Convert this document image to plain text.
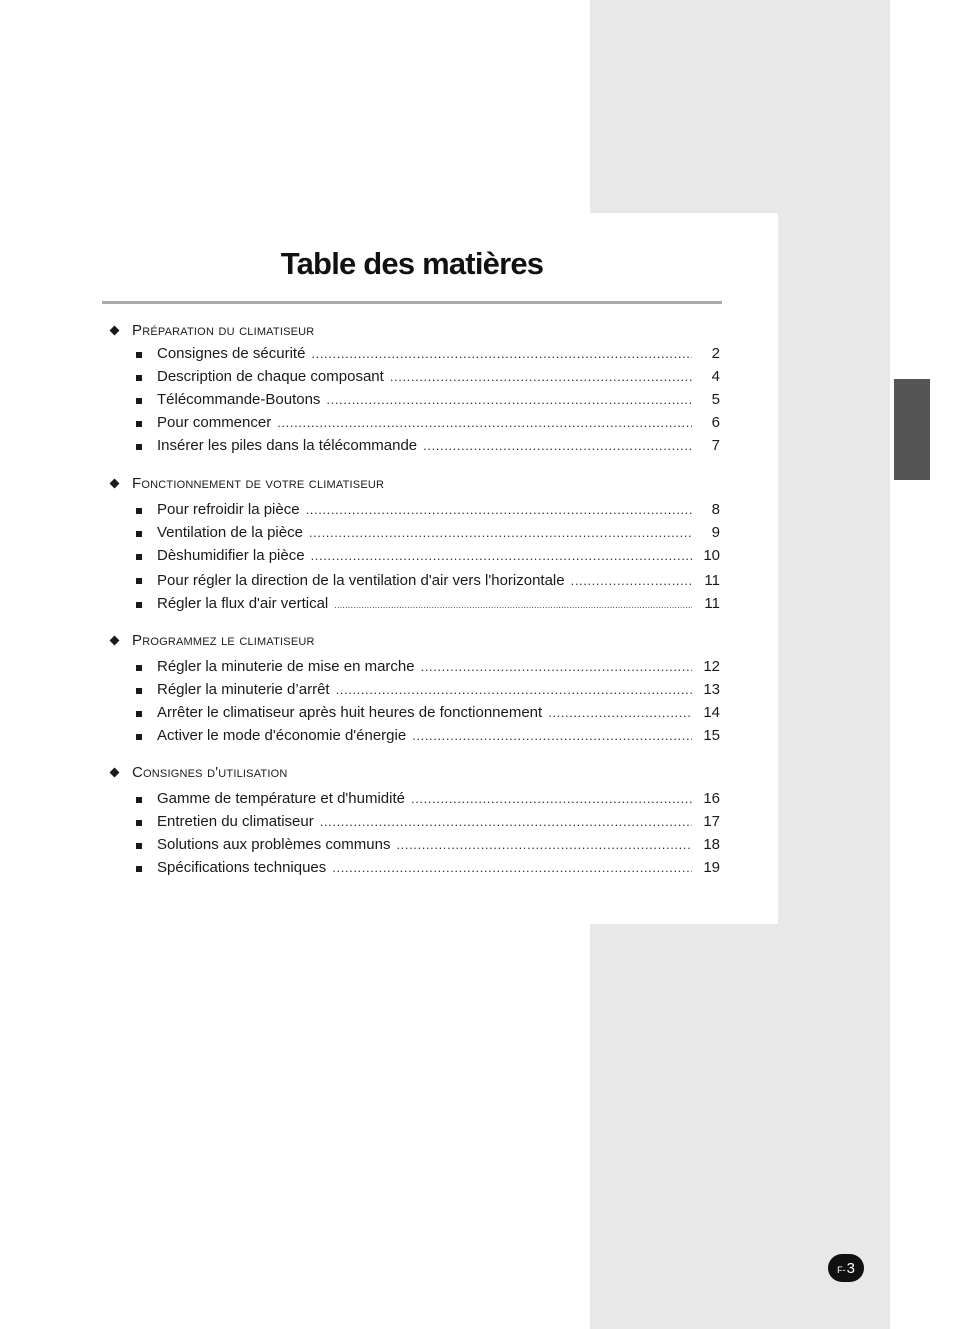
Table des matières
Préparation du climatiseur
Consignes de sécurité .....	2
Description de chaque composant .....	4
Télécommande-Boutons .....	5
Pour commencer .....	6
Insérer les piles dans la télécommande .....	7
Fonctionnement de votre climatiseur
Pour refroidir la pièce .....	8
Ventilation de la pièce .....	9
Dèshumidifier la pièce .....	10
Pour régler la direction de la ventilation d'air vers l'horizontale .....	11
Régler la flux d'air vertical .....	11
Programmez le climatiseur
Régler la minuterie de mise en marche .....	12
Régler la minuterie d’arrêt .....	13
Arrêter le climatiseur après huit heures de fonctionnement .....	14
Activer le mode d'économie d'énergie .....	15
Consignes d'utilisation
Gamme de température et d'humidité .....	16
Entretien du climatiseur .....	17
Solutions aux problèmes communs .....	18
Spécifications techniques .....	19
F- 3
